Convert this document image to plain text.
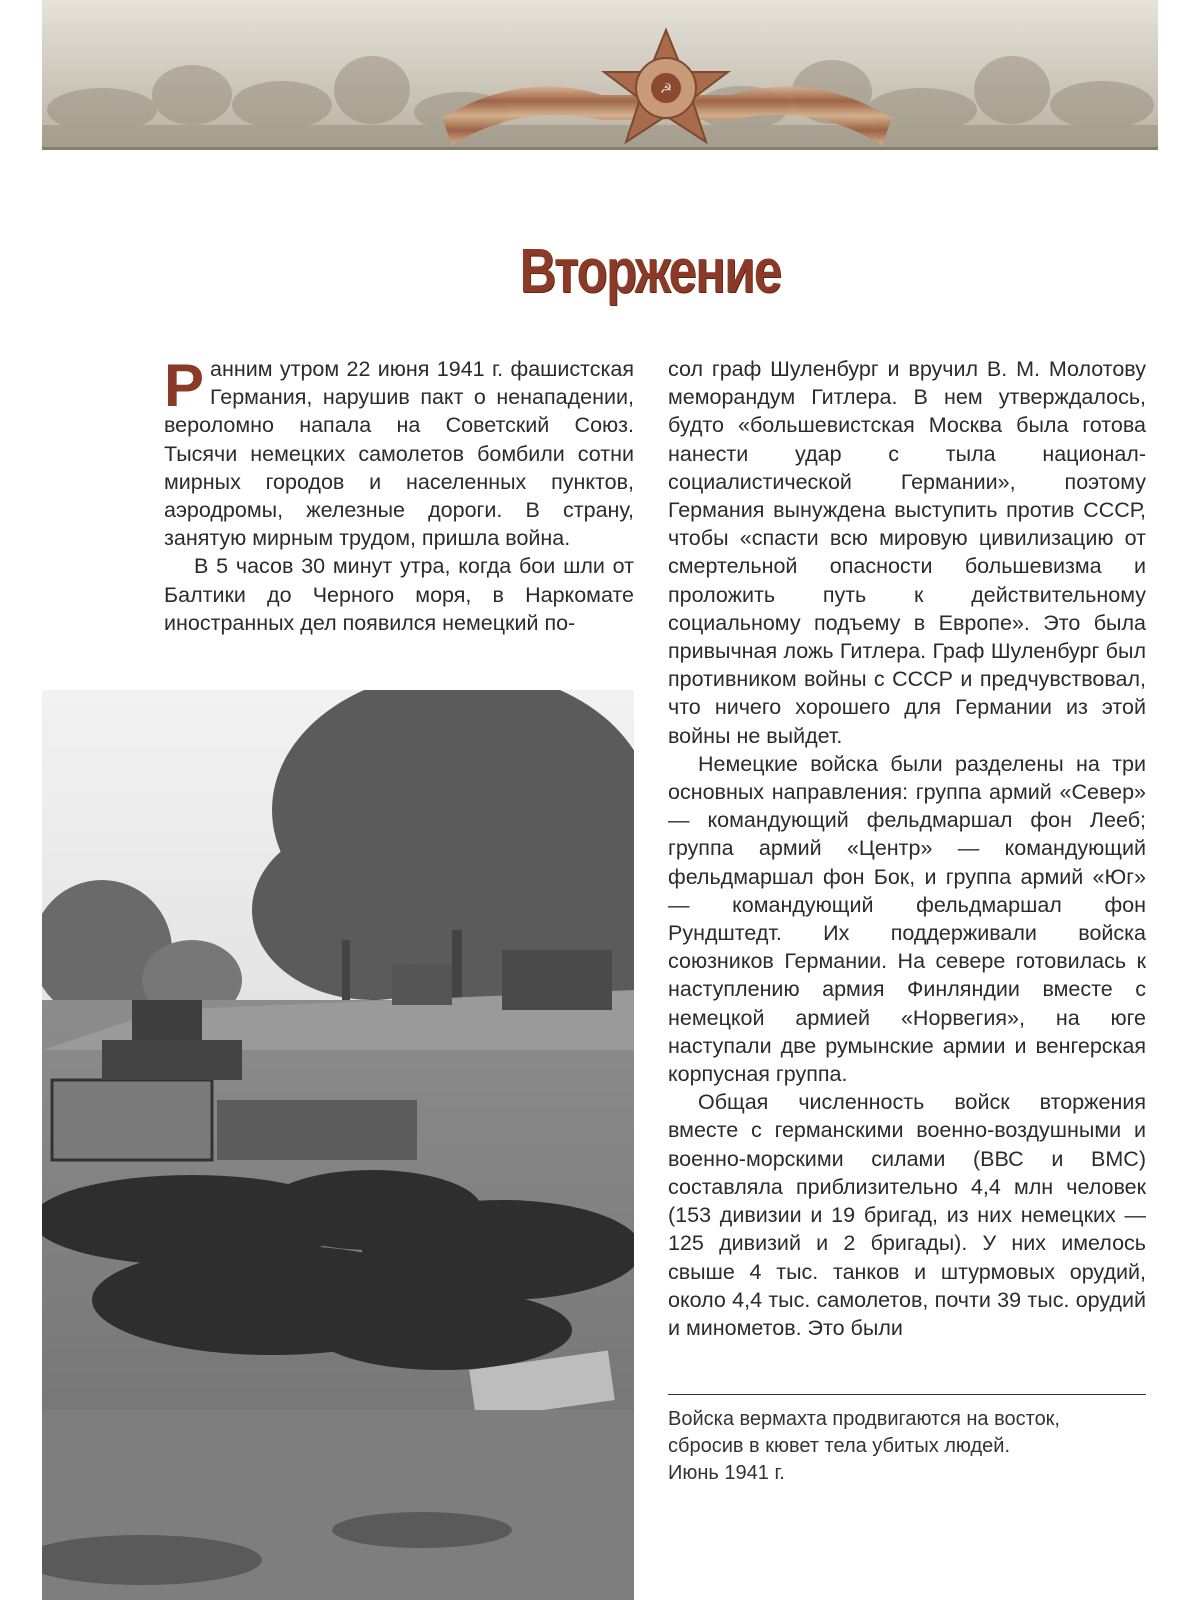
☭
Вторжение

Ранним утром 22 июня 1941 г. фашистская Германия, нарушив пакт о ненападении, вероломно напала на Советский Союз. Тысячи немецких самолетов бомбили сотни мирных городов и населенных пунктов, аэродромы, железные дороги. В страну, занятую мирным трудом, пришла война.

В 5 часов 30 минут утра, когда бои шли от Балтики до Черного моря, в Наркомате иностранных дел появился немецкий по-

сол граф Шуленбург и вручил В. М. Молотову меморандум Гитлера. В нем утверждалось, будто «большевистская Москва была готова нанести удар с тыла национал-социалистической Германии», поэтому Германия вынуждена выступить против СССР, чтобы «спасти всю мировую цивилизацию от смертельной опасности большевизма и проложить путь к действительному социальному подъему в Европе». Это была привычная ложь Гитлера. Граф Шуленбург был противником войны с СССР и предчувствовал, что ничего хорошего для Германии из этой войны не выйдет.

Немецкие войска были разделены на три основных направления: группа армий «Север» — командующий фельдмаршал фон Лееб; группа армий «Центр» — командующий фельдмаршал фон Бок, и группа армий «Юг» — командующий фельдмаршал фон Рундштедт. Их поддерживали войска союзников Германии. На севере готовилась к наступлению армия Финляндии вместе с немецкой армией «Норвегия», на юге наступали две румынские армии и венгерская корпусная группа.

Общая численность войск вторжения вместе с германскими военно-воздушными и военно-морскими силами (ВВС и ВМС) составляла приблизительно 4,4 млн человек (153 дивизии и 19 бригад, из них немецких — 125 дивизий и 2 бригады). У них имелось свыше 4 тыс. танков и штурмовых орудий, около 4,4 тыс. самолетов, почти 39 тыс. орудий и минометов. Это были

Войска вермахта продвигаются на восток,
сбросив в кювет тела убитых людей.
Июнь 1941 г.
